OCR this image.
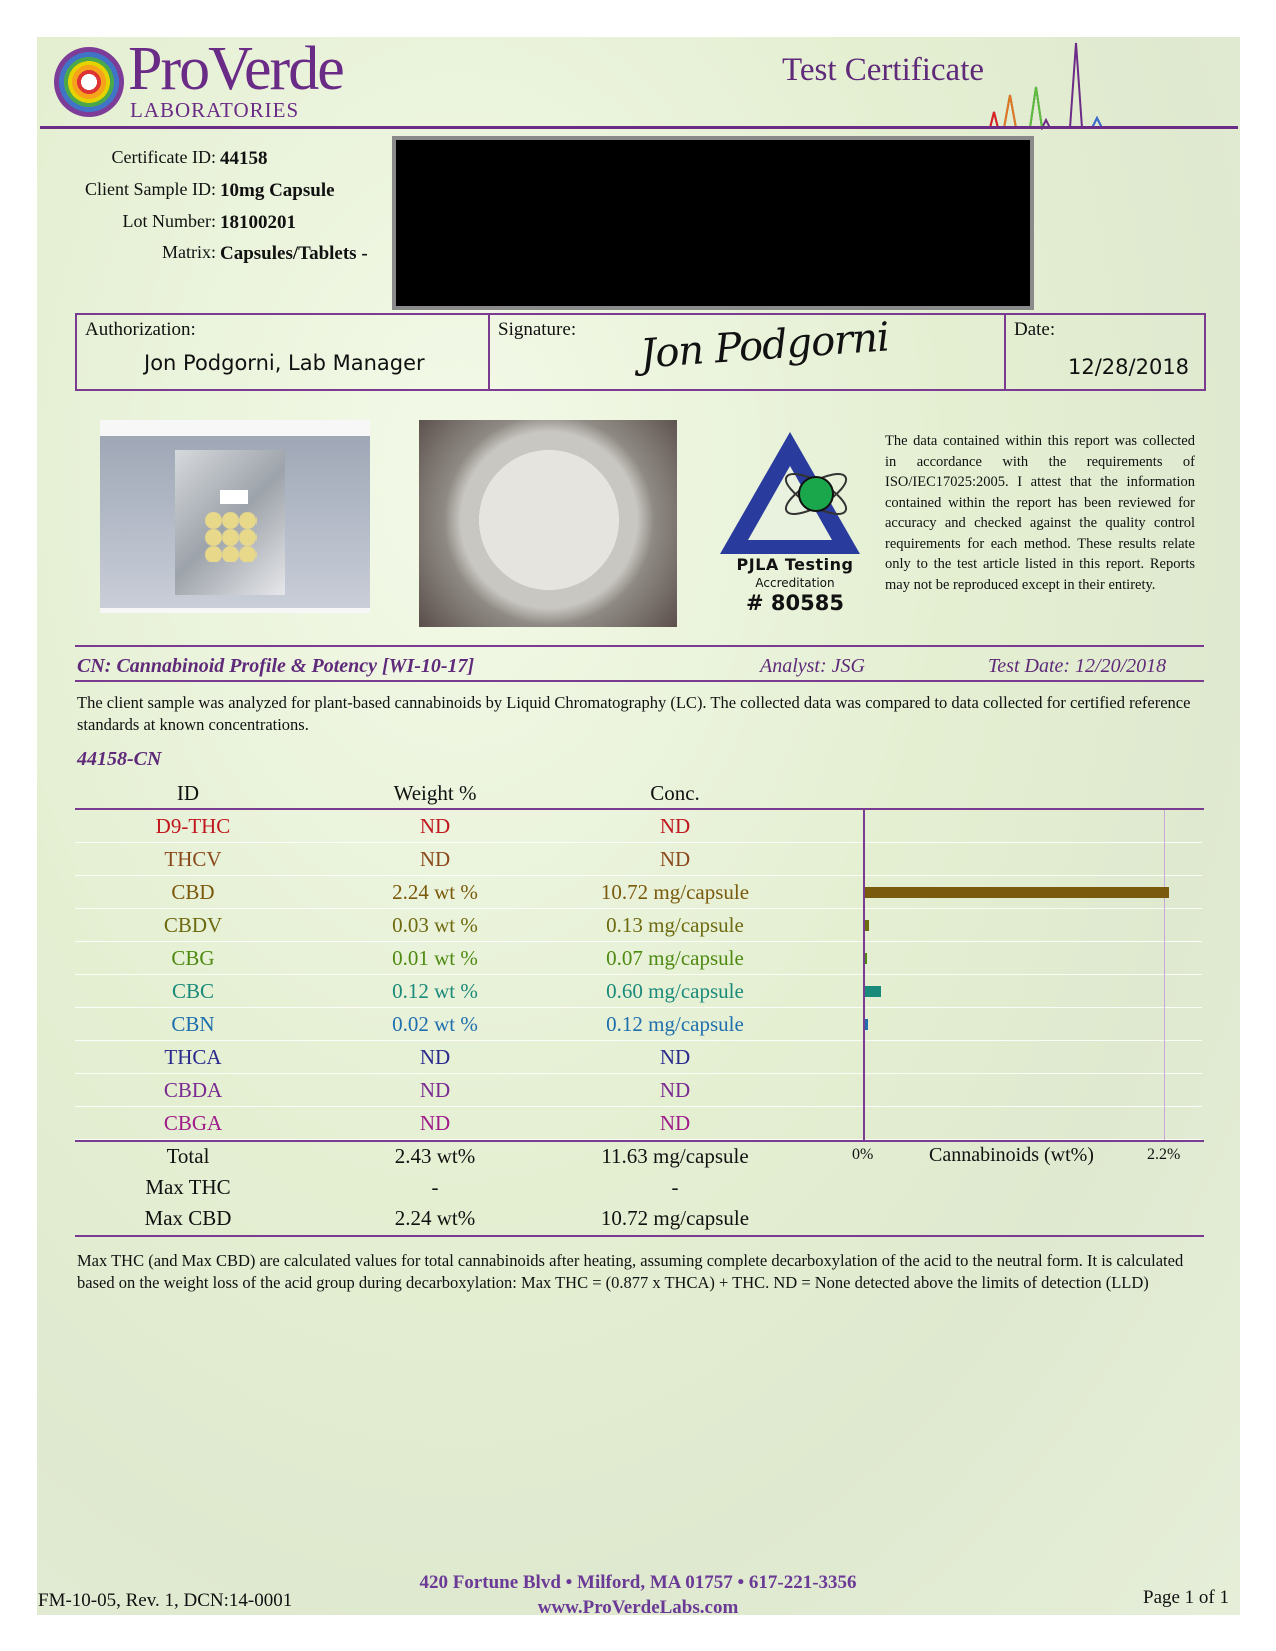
ProVerde
LABORATORIES
Test Certificate
Certificate ID: 44158
Client Sample ID: 10mg Capsule
Lot Number: 18100201
Matrix: Capsules/Tablets -
Authorization:
Jon Podgorni, Lab Manager
Signature: Jon Podgorni	Date:
12/28/2018
PJLA Testing
Accreditation
# 80585
The data contained within this report was collected in accordance with the requirements of ISO/IEC17025:2005. I attest that the information contained within the report has been reviewed for accuracy and checked against the quality control requirements for each method. These results relate only to the test article listed in this report. Reports may not be reproduced except in their entirety.
CN: Cannabinoid Profile & Potency [WI-10-17]	Analyst: JSG	Test Date: 12/20/2018
The client sample was analyzed for plant-based cannabinoids by Liquid Chromatography (LC). The collected data was compared to data collected for certified reference standards at known concentrations.
44158-CN
ID	Weight %	Conc.
D9-THC	ND	ND
THCV	ND	ND
CBD	2.24 wt %	10.72 mg/capsule
CBDV	0.03 wt %	0.13 mg/capsule
CBG	0.01 wt %	0.07 mg/capsule
CBC	0.12 wt %	0.60 mg/capsule
CBN	0.02 wt %	0.12 mg/capsule
THCA	ND	ND
CBDA	ND	ND
CBGA	ND	ND
Total	2.43 wt%	11.63 mg/capsule	0%	Cannabinoids (wt%)	2.2%
Max THC	-	-
Max CBD	2.24 wt%	10.72 mg/capsule
Max THC (and Max CBD) are calculated values for total cannabinoids after heating, assuming complete decarboxylation of the acid to the neutral form. It is calculated based on the weight loss of the acid group during decarboxylation: Max THC = (0.877 x THCA) + THC. ND = None detected above the limits of detection (LLD)
420 Fortune Blvd • Milford, MA 01757 • 617-221-3356
www.ProVerdeLabs.com
FM-10-05, Rev. 1, DCN:14-0001	Page 1 of 1
